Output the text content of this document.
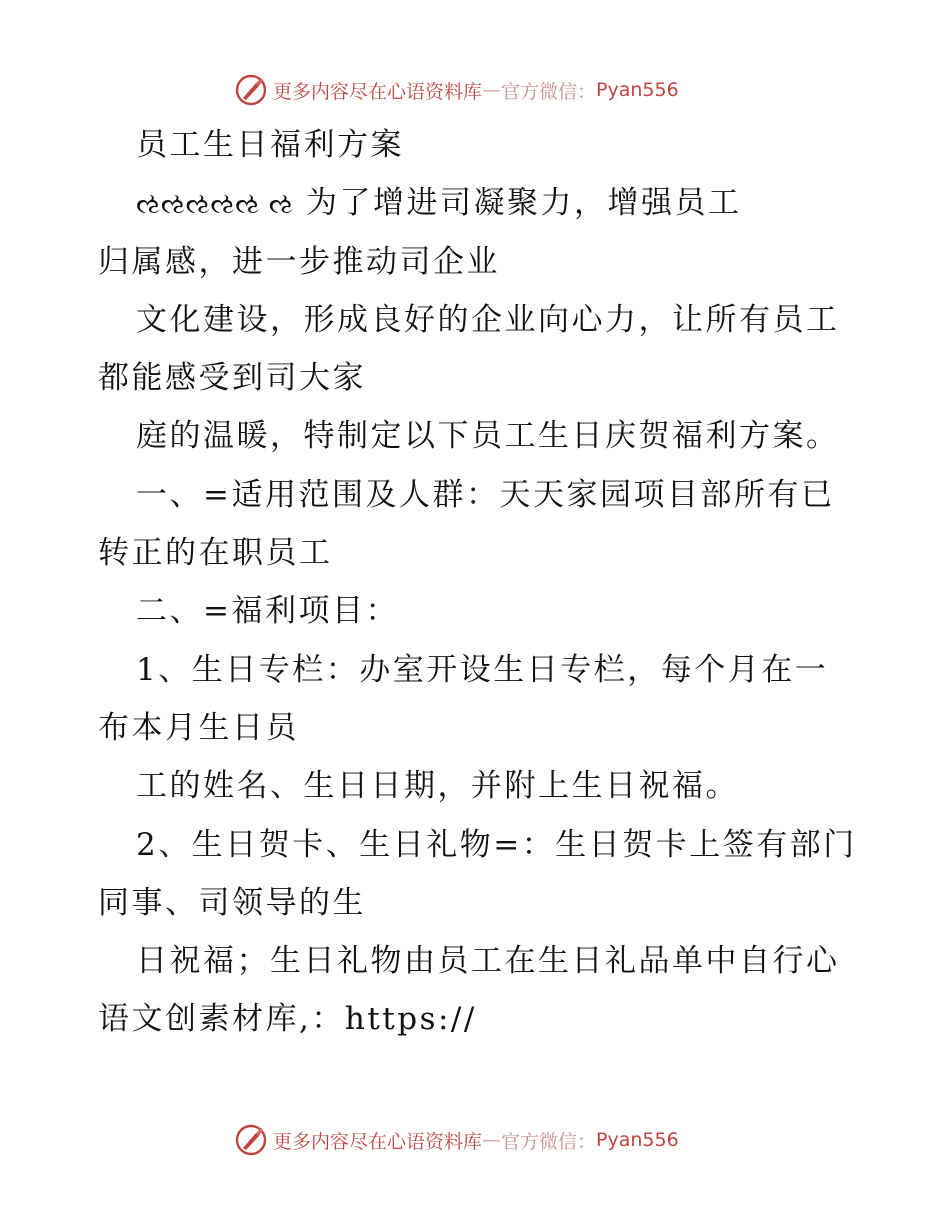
更多内容尽在心语资料库 — 官方微信： Pyan556
员工生日福利方案
ઌઌઌઌઌ ઌ 为了增进司凝聚力，增强员工
归属感，进一步推动司企业
文化建设，形成良好的企业向心力，让所有员工
都能感受到司大家
庭的温暖，特制定以下员工生日庆贺福利方案。
一、=适用范围及人群：天天家园项目部所有已
转正的在职员工
二、=福利项目：
1、生日专栏：办室开设生日专栏，每个月在一
布本月生日员
工的姓名、生日日期，并附上生日祝福。
2、生日贺卡、生日礼物=：生日贺卡上签有部门
同事、司领导的生
日祝福；生日礼物由员工在生日礼品单中自行心
语文创素材库,：https://
更多内容尽在心语资料库 — 官方微信： Pyan556
